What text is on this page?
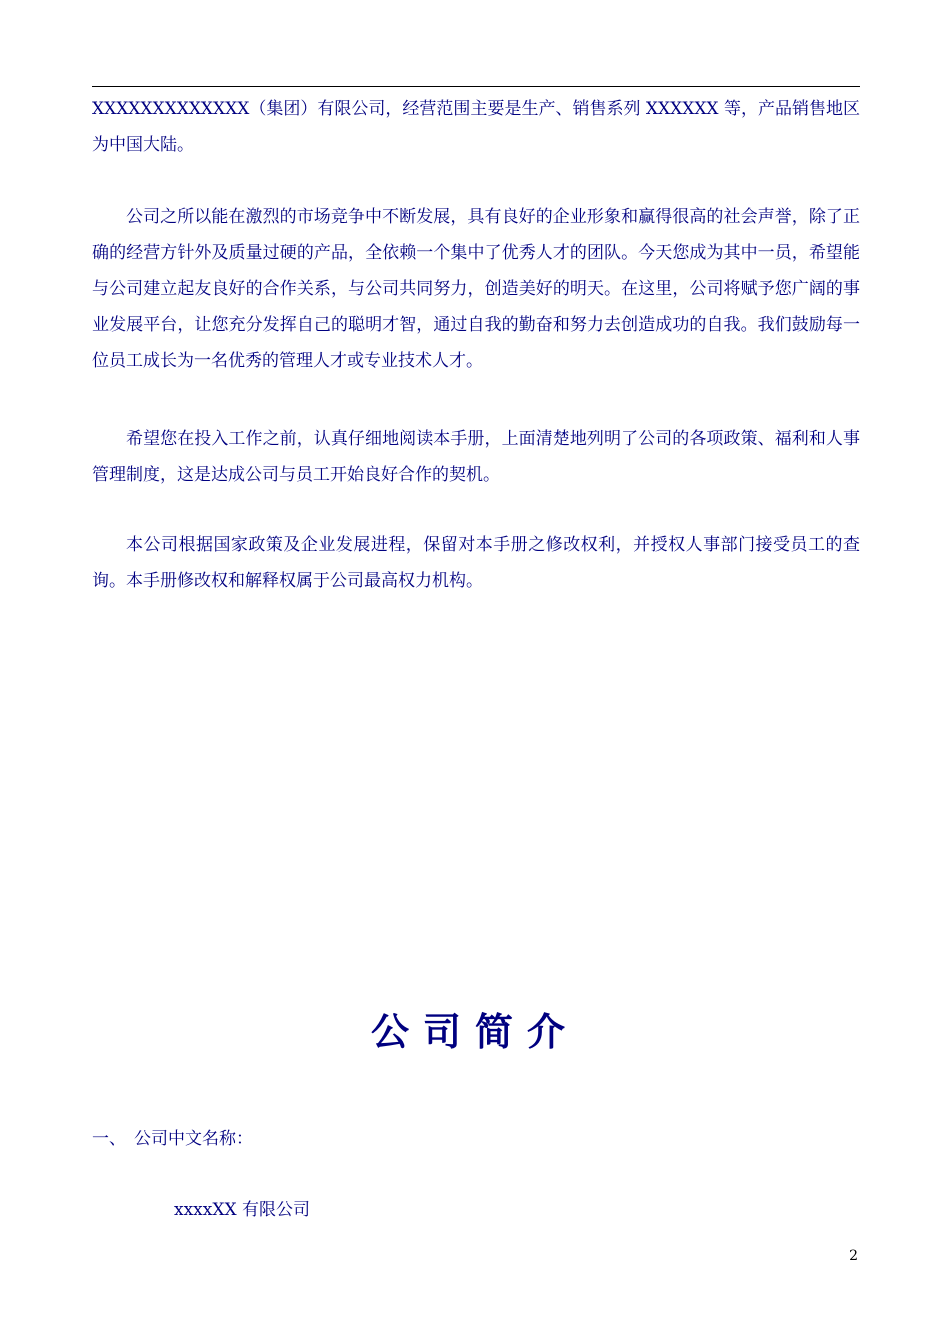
XXXXXXXXXXXXX（集团）有限公司，经营范围主要是生产、销售系列 XXXXXX 等，产品销售地区为中国大陆。

公司之所以能在激烈的市场竞争中不断发展，具有良好的企业形象和赢得很高的社会声誉，除了正确的经营方针外及质量过硬的产品，全依赖一个集中了优秀人才的团队。今天您成为其中一员，希望能与公司建立起友良好的合作关系，与公司共同努力，创造美好的明天。在这里，公司将赋予您广阔的事业发展平台，让您充分发挥自己的聪明才智，通过自我的勤奋和努力去创造成功的自我。我们鼓励每一位员工成长为一名优秀的管理人才或专业技术人才。

希望您在投入工作之前，认真仔细地阅读本手册，上面清楚地列明了公司的各项政策、福利和人事管理制度，这是达成公司与员工开始良好合作的契机。

本公司根据国家政策及企业发展进程，保留对本手册之修改权利，并授权人事部门接受员工的查询。本手册修改权和解释权属于公司最高权力机构。

公司简介

一、 公司中文名称：

xxxxXX 有限公司

2
